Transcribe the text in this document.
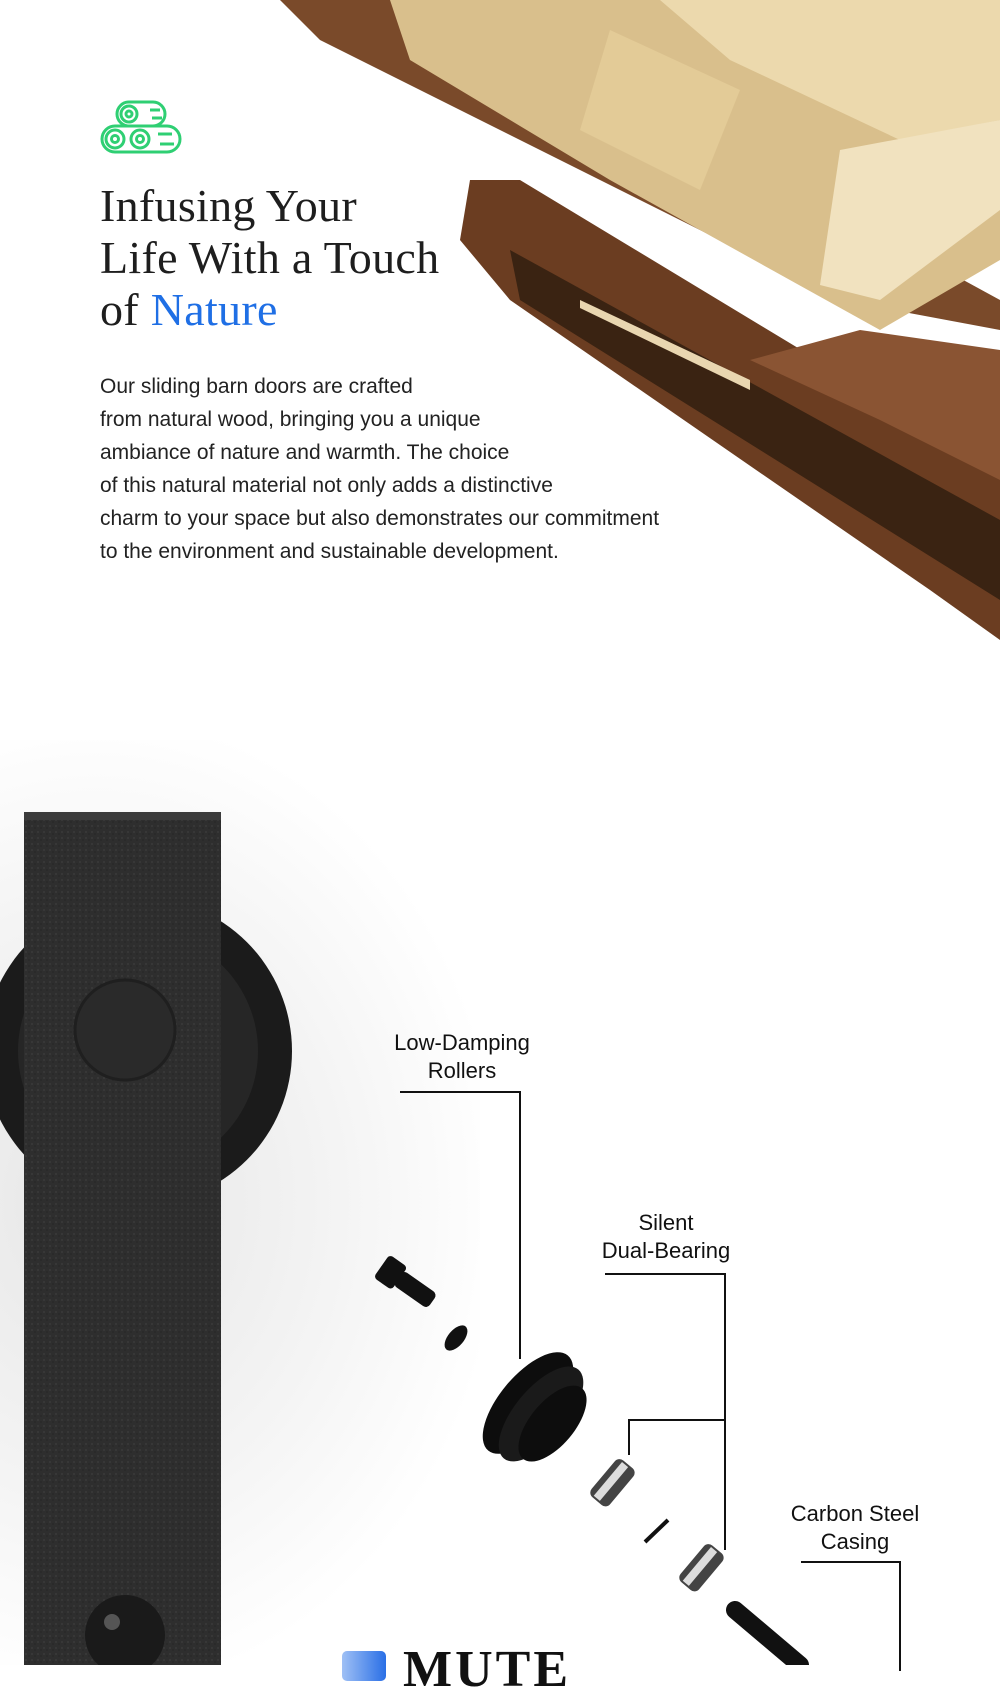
Infusing Your
Life With a Touch
of Nature
Our sliding barn doors are crafted
from natural wood, bringing you a unique
ambiance of nature and warmth. The choice
of this natural material not only adds a distinctive
charm to your space but also demonstrates our commitment
to the environment and sustainable development.
Low-Damping
Rollers
Silent
Dual-Bearing
Carbon Steel
Casing
MUTE
